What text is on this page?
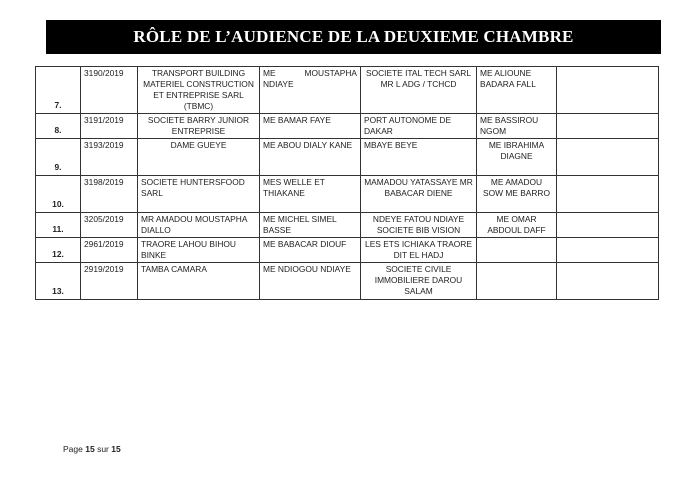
RÔLE DE L’AUDIENCE DE LA DEUXIEME CHAMBRE
7.	3190/2019	TRANSPORT BUILDING MATERIEL CONSTRUCTION ET ENTREPRISE SARL (TBMC)	ME MOUSTAPHA NDIAYE	SOCIETE ITAL TECH SARL MR L ADG / TCHCD	ME ALIOUNE BADARA FALL	
8.	3191/2019	SOCIETE BARRY JUNIOR ENTREPRISE	ME BAMAR FAYE	PORT AUTONOME DE DAKAR	ME BASSIROU NGOM	
9.	3193/2019	DAME GUEYE	ME ABOU DIALY KANE	MBAYE BEYE	ME IBRAHIMA DIAGNE	
10.	3198/2019	SOCIETE HUNTERSFOOD SARL	MES WELLE ET THIAKANE	MAMADOU YATASSAYE MR BABACAR DIENE	ME AMADOU SOW ME BARRO	
11.	3205/2019	MR AMADOU MOUSTAPHA DIALLO	ME MICHEL SIMEL BASSE	NDEYE FATOU NDIAYE SOCIETE BIB VISION	ME OMAR ABDOUL DAFF	
12.	2961/2019	TRAORE LAHOU BIHOU BINKE	ME BABACAR DIOUF	LES ETS ICHIAKA TRAORE DIT EL HADJ		
13.	2919/2019	TAMBA CAMARA	ME NDIOGOU NDIAYE	SOCIETE CIVILE IMMOBILIERE DAROU SALAM		
Page 15 sur 15
